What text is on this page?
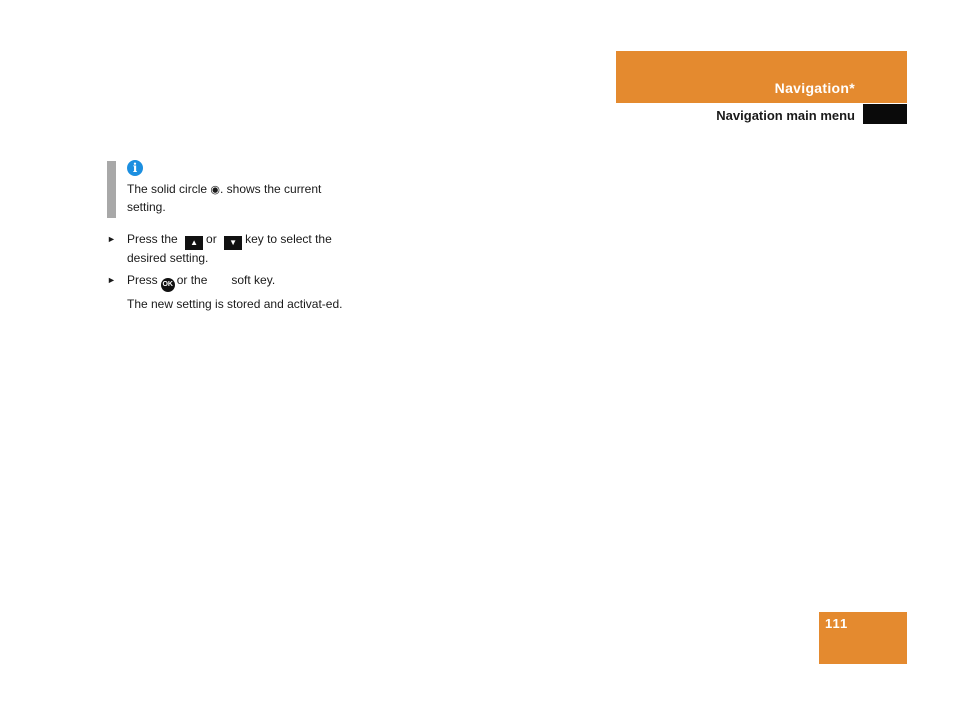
Navigation*
Navigation main menu
i
The solid circle ◉. shows the current setting.
► Press the ▲ or ▼ key to select the desired setting.
► Press OK or the soft key.
The new setting is stored and activat-ed.
111
